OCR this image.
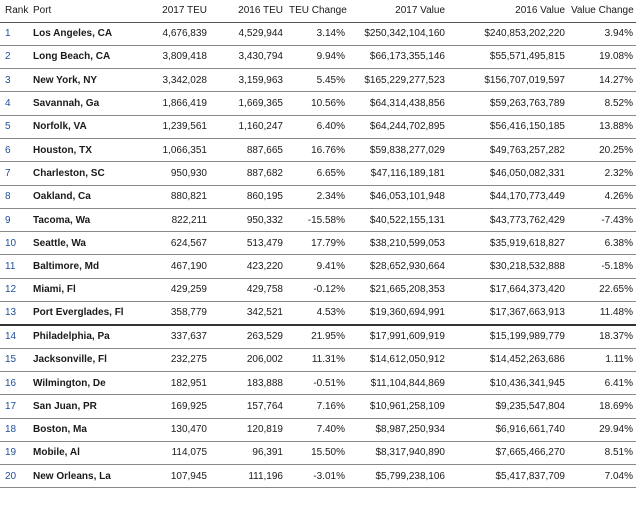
Rank	Port	2017 TEU	2016 TEU	TEU Change	2017 Value	2016 Value	Value Change
1	Los Angeles, CA	4,676,839	4,529,944	3.14%	$250,342,104,160	$240,853,202,220	3.94%
2	Long Beach, CA	3,809,418	3,430,794	9.94%	$66,173,355,146	$55,571,495,815	19.08%
3	New York, NY	3,342,028	3,159,963	5.45%	$165,229,277,523	$156,707,019,597	14.27%
4	Savannah, Ga	1,866,419	1,669,365	10.56%	$64,314,438,856	$59,263,763,789	8.52%
5	Norfolk, VA	1,239,561	1,160,247	6.40%	$64,244,702,895	$56,416,150,185	13.88%
6	Houston, TX	1,066,351	887,665	16.76%	$59,838,277,029	$49,763,257,282	20.25%
7	Charleston, SC	950,930	887,682	6.65%	$47,116,189,181	$46,050,082,331	2.32%
8	Oakland, Ca	880,821	860,195	2.34%	$46,053,101,948	$44,170,773,449	4.26%
9	Tacoma, Wa	822,211	950,332	-15.58%	$40,522,155,131	$43,773,762,429	-7.43%
10	Seattle, Wa	624,567	513,479	17.79%	$38,210,599,053	$35,919,618,827	6.38%
11	Baltimore, Md	467,190	423,220	9.41%	$28,652,930,664	$30,218,532,888	-5.18%
12	Miami, Fl	429,259	429,758	-0.12%	$21,665,208,353	$17,664,373,420	22.65%
13	Port Everglades, Fl	358,779	342,521	4.53%	$19,360,694,991	$17,367,663,913	11.48%
14	Philadelphia, Pa	337,637	263,529	21.95%	$17,991,609,919	$15,199,989,779	18.37%
15	Jacksonville, Fl	232,275	206,002	11.31%	$14,612,050,912	$14,452,263,686	1.11%
16	Wilmington, De	182,951	183,888	-0.51%	$11,104,844,869	$10,436,341,945	6.41%
17	San Juan, PR	169,925	157,764	7.16%	$10,961,258,109	$9,235,547,804	18.69%
18	Boston, Ma	130,470	120,819	7.40%	$8,987,250,934	$6,916,661,740	29.94%
19	Mobile, Al	114,075	96,391	15.50%	$8,317,940,890	$7,665,466,270	8.51%
20	New Orleans, La	107,945	111,196	-3.01%	$5,799,238,106	$5,417,837,709	7.04%
